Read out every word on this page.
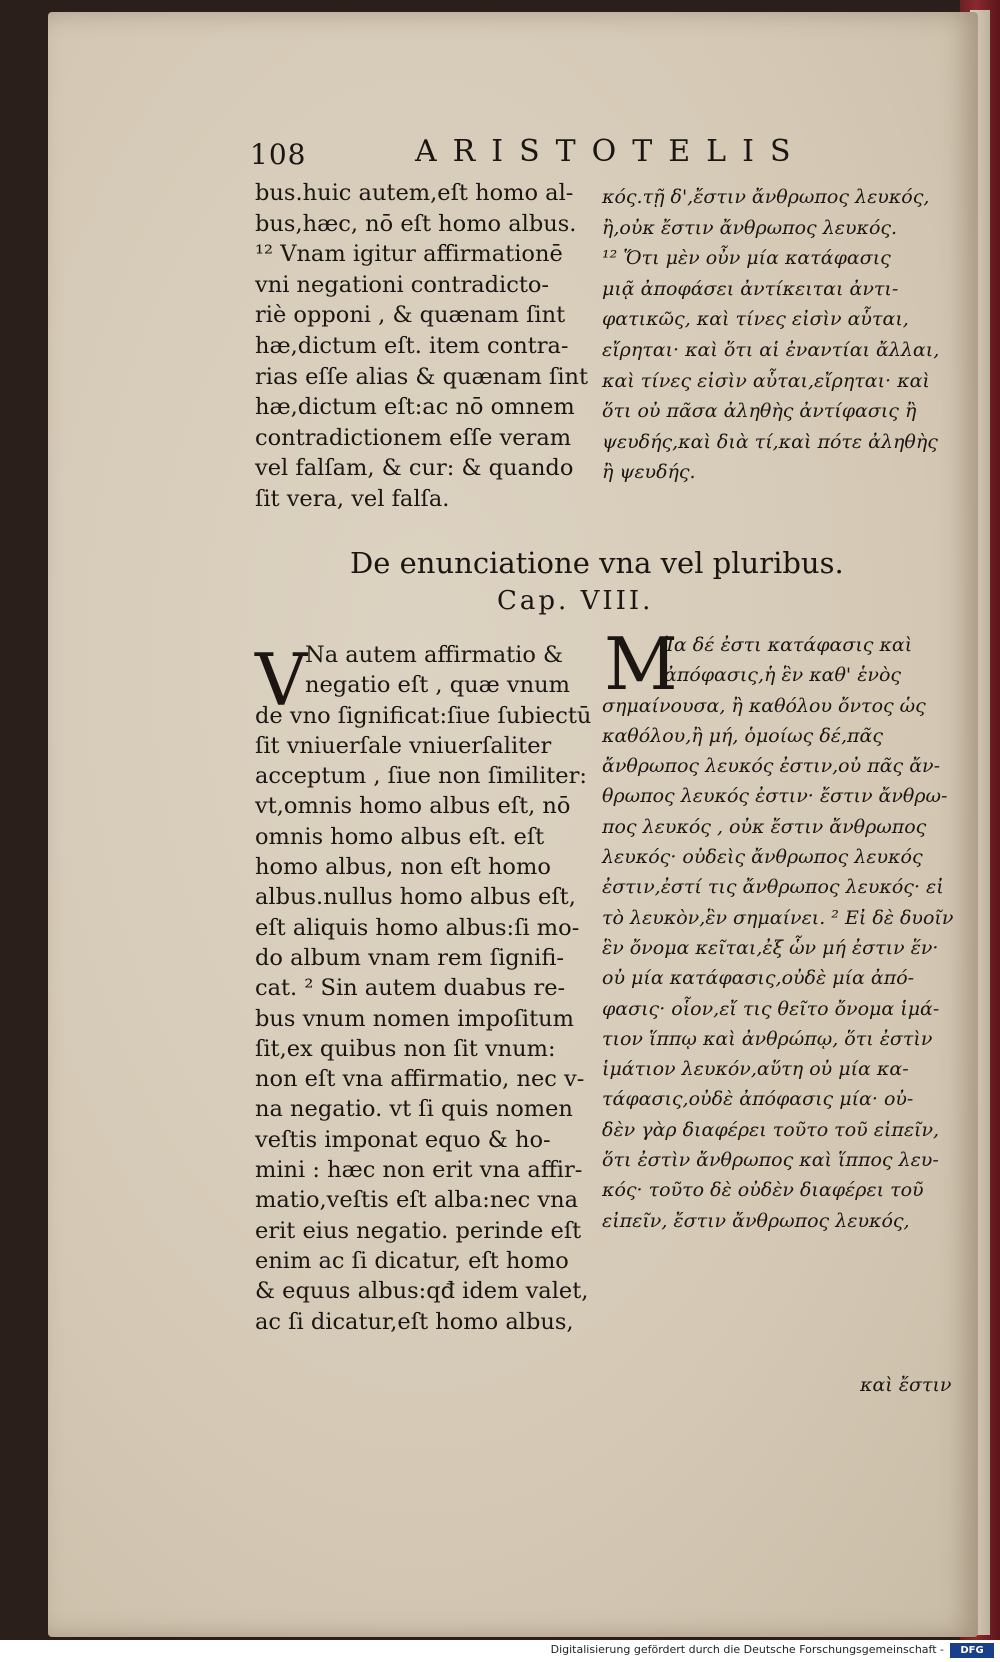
108	ARISTOTELIS
bus.huic autem,eſt homo al-
bus,hæc, nō eſt homo albus.
¹² Vnam igitur affirmationē
vni negationi contradicto-
riè opponi , & quænam ſint
hæ,dictum eſt. item contra-
rias eſſe alias & quænam ſint
hæ,dictum eſt:ac nō omnem
contradictionem eſſe veram
vel falſam, & cur: & quando
ſit vera, vel falſa.
κός.τῇ δ',ἔστιν ἄνθρωπος λευκός,
ἢ,οὐκ ἔστιν ἄνθρωπος λευκός.
¹² Ὅτι μὲν οὖν μία κατάφασις
μιᾷ ἀποφάσει ἀντίκειται ἀντι-
φατικῶς, καὶ τίνες εἰσὶν αὗται,
εἴρηται· καὶ ὅτι αἱ ἐναντίαι ἄλλαι,
καὶ τίνες εἰσὶν αὗται,εἴρηται· καὶ
ὅτι οὐ πᾶσα ἀληθὴς ἀντίφασις ἢ
ψευδής,καὶ διὰ τί,καὶ πότε ἀληθὴς
ἢ ψευδής.
De enunciatione vna vel pluribus.
Cap. VIII.
V
Na autem affirmatio &
negatio eſt , quæ vnum
de vno ſignificat:ſiue ſubiectū
ſit vniuerſale vniuerſaliter
acceptum , ſiue non ſimiliter:
vt,omnis homo albus eſt, nō
omnis homo albus eſt. eſt
homo albus, non eſt homo
albus.nullus homo albus eſt,
eſt aliquis homo albus:ſi mo-
do album vnam rem ſignifi-
cat. ² Sin autem duabus re-
bus vnum nomen impoſitum
ſit,ex quibus non ſit vnum:
non eſt vna affirmatio, nec v-
na negatio. vt ſi quis nomen
veſtis imponat equo & ho-
mini : hæc non erit vna affir-
matio,veſtis eſt alba:nec vna
erit eius negatio. perinde eſt
enim ac ſi dicatur, eſt homo
& equus albus:qđ idem valet,
ac ſi dicatur,eſt homo albus,
M
Ἰα δέ ἐστι κατάφασις καὶ
ἀπόφασις,ἡ ἓν καθ' ἑνὸς
σημαίνουσα, ἢ καθόλου ὄντος ὡς
καθόλου,ἢ μή, ὁμοίως δέ,πᾶς
ἄνθρωπος λευκός ἐστιν,οὐ πᾶς ἄν-
θρωπος λευκός ἐστιν· ἔστιν ἄνθρω-
πος λευκός , οὐκ ἔστιν ἄνθρωπος
λευκός· οὐδεὶς ἄνθρωπος λευκός
ἐστιν,ἐστί τις ἄνθρωπος λευκός· εἰ
τὸ λευκὸν,ἓν σημαίνει. ² Εἰ δὲ δυοῖν
ἓν ὄνομα κεῖται,ἐξ ὧν μή ἐστιν ἕν·
οὐ μία κατάφασις,οὐδὲ μία ἀπό-
φασις· οἷον,εἴ τις θεῖτο ὄνομα ἱμά-
τιον ἵππῳ καὶ ἀνθρώπῳ, ὅτι ἐστὶν
ἱμάτιον λευκόν,αὕτη οὐ μία κα-
τάφασις,οὐδὲ ἀπόφασις μία· οὐ-
δὲν γὰρ διαφέρει τοῦτο τοῦ εἰπεῖν,
ὅτι ἐστὶν ἄνθρωπος καὶ ἵππος λευ-
κός· τοῦτο δὲ οὐδὲν διαφέρει τοῦ
εἰπεῖν, ἔστιν ἄνθρωπος λευκός,
καὶ ἔστιν
Digitalisierung gefördert durch die Deutsche Forschungsgemeinschaft -	DFG
